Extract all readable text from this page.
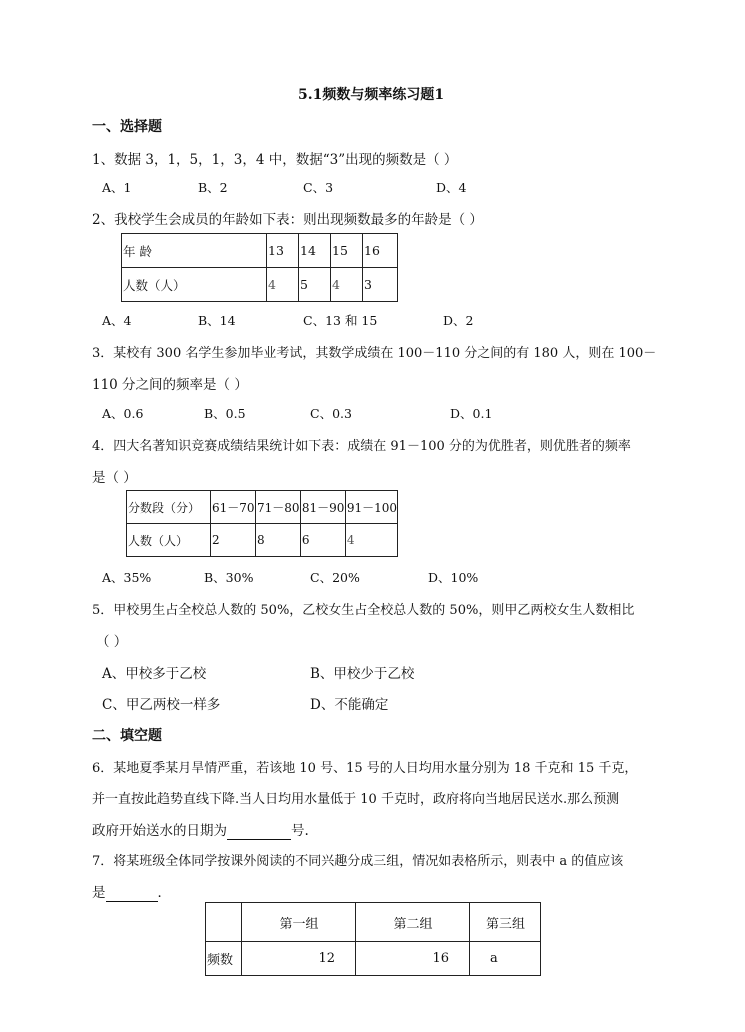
5.1频数与频率练习题1
一、选择题
1、数据 3，1，5，1，3，4 中，数据“3”出现的频数是（ ）
A、1	B、2	C、3	D、4
2、我校学生会成员的年龄如下表：则出现频数最多的年龄是（ ）
年 龄	13	14	15	16
人数（人）	4	5	4	3
A、4	B、14	C、13 和 15	D、2
3．某校有 300 名学生参加毕业考试，其数学成绩在 100－110 分之间的有 180 人，则在 100－
110 分之间的频率是（ ）
A、0.6	B、0.5	C、0.3	D、0.1
4．四大名著知识竞赛成绩结果统计如下表：成绩在 91－100 分的为优胜者，则优胜者的频率
是（ ）
分数段（分）	61－70	71－80	81－90	91－100
人数（人）	2	8	6	4
A、35%	B、30%	C、20%	D、10%
5．甲校男生占全校总人数的 50%，乙校女生占全校总人数的 50%，则甲乙两校女生人数相比
（ ）
A、甲校多于乙校	B、甲校少于乙校
C、甲乙两校一样多	D、不能确定
二、填空题
6．某地夏季某月旱情严重，若该地 10 号、15 号的人日均用水量分别为 18 千克和 15 千克，
并一直按此趋势直线下降.当人日均用水量低于 10 千克时，政府将向当地居民送水.那么预测
政府开始送水的日期为	号.
7．将某班级全体同学按课外阅读的不同兴趣分成三组，情况如表格所示，则表中 a 的值应该
是	．
	第一组	第二组	第三组
频数	12	16	a
